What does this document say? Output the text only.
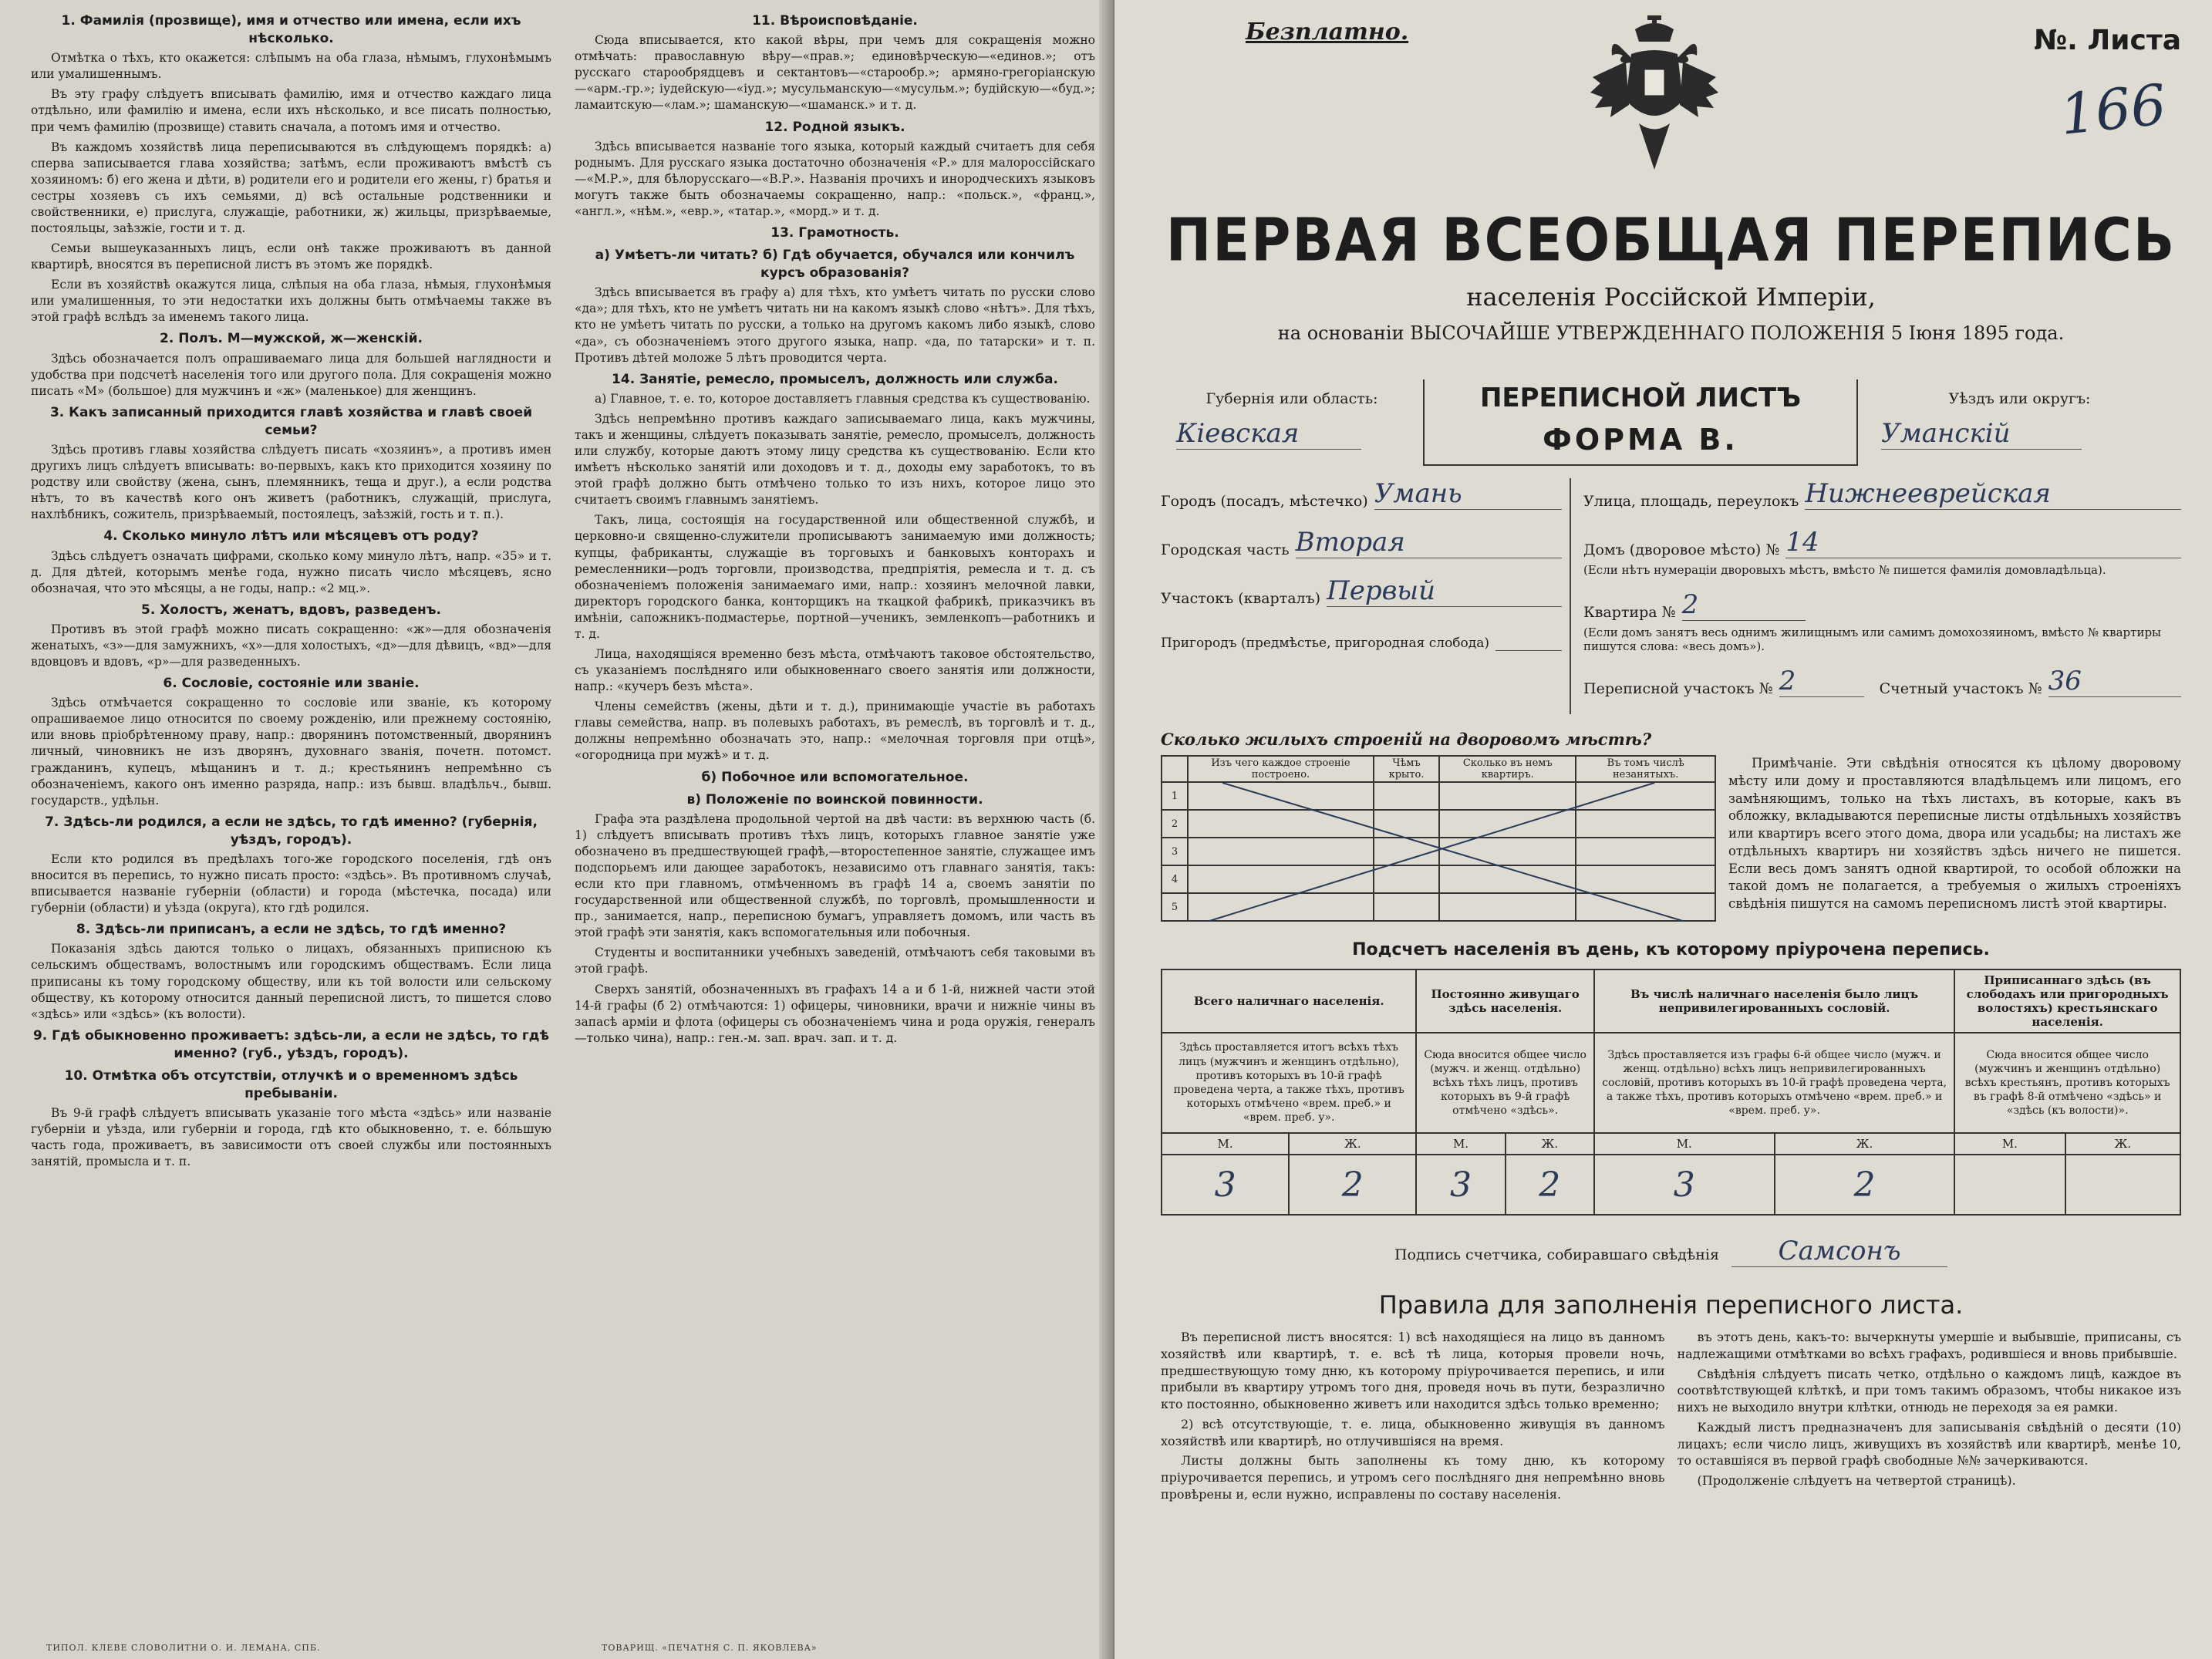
1. Фамилія (прозвище), имя и отчество или имена, если ихъ нѣсколько.

Отмѣтка о тѣхъ, кто окажется: слѣпымъ на оба глаза, нѣмымъ, глухонѣмымъ или умалишеннымъ.

Въ эту графу слѣдуетъ вписывать фамилію, имя и отчество каждаго лица отдѣльно, или фамилію и имена, если ихъ нѣсколько, и все писать полностью, при чемъ фамилію (прозвище) ставить сначала, а потомъ имя и отчество.

Въ каждомъ хозяйствѣ лица переписываются въ слѣдующемъ порядкѣ: а) сперва записывается глава хозяйства; затѣмъ, если проживаютъ вмѣстѣ съ хозяиномъ: б) его жена и дѣти, в) родители его и родители его жены, г) братья и сестры хозяевъ съ ихъ семьями, д) всѣ остальные родственники и свойственники, е) прислуга, служащіе, работники, ж) жильцы, призрѣваемые, постояльцы, заѣзжіе, гости и т. д.

Семьи вышеуказанныхъ лицъ, если онѣ также проживаютъ въ данной квартирѣ, вносятся въ переписной листъ въ этомъ же порядкѣ.

Если въ хозяйствѣ окажутся лица, слѣпыя на оба глаза, нѣмыя, глухонѣмыя или умалишенныя, то эти недостатки ихъ должны быть отмѣчаемы также въ этой графѣ вслѣдъ за именемъ такого лица.

2. Полъ. М—мужской, ж—женскій.

Здѣсь обозначается полъ опрашиваемаго лица для большей наглядности и удобства при подсчетѣ населенія того или другого пола. Для сокращенія можно писать «М» (большое) для мужчинъ и «ж» (маленькое) для женщинъ.

3. Какъ записанный приходится главѣ хозяйства и главѣ своей семьи?

Здѣсь противъ главы хозяйства слѣдуетъ писать «хозяинъ», а противъ имен другихъ лицъ слѣдуетъ вписывать: во-первыхъ, какъ кто приходится хозяину по родству или свойству (жена, сынъ, племянникъ, теща и друг.), а если родства нѣтъ, то въ качествѣ кого онъ живетъ (работникъ, служащій, прислуга, нахлѣбникъ, сожитель, призрѣваемый, постоялецъ, заѣзжій, гость и т. п.).

4. Сколько минуло лѣтъ или мѣсяцевъ отъ роду?

Здѣсь слѣдуетъ означать цифрами, сколько кому минуло лѣтъ, напр. «35» и т. д. Для дѣтей, которымъ менѣе года, нужно писать число мѣсяцевъ, ясно обозначая, что это мѣсяцы, а не годы, напр.: «2 мц.».

5. Холостъ, женатъ, вдовъ, разведенъ.

Противъ въ этой графѣ можно писать сокращенно: «ж»—для обозначенія женатыхъ, «з»—для замужнихъ, «х»—для холостыхъ, «д»—для дѣвицъ, «вд»—для вдовцовъ и вдовъ, «р»—для разведенныхъ.

6. Сословіе, состояніе или званіе.

Здѣсь отмѣчается сокращенно то сословіе или званіе, къ которому опрашиваемое лицо относится по своему рожденію, или прежнему состоянію, или вновь пріобрѣтенному праву, напр.: дворянинъ потомственный, дворянинъ личный, чиновникъ не изъ дворянъ, духовнаго званія, почетн. потомст. гражданинъ, купецъ, мѣщанинъ и т. д.; крестьянинъ непремѣнно съ обозначеніемъ, какого онъ именно разряда, напр.: изъ бывш. владѣльч., бывш. государств., удѣльн.

7. Здѣсь-ли родился, а если не здѣсь, то гдѣ именно? (губернія, уѣздъ, городъ).

Если кто родился въ предѣлахъ того-же городского поселенія, гдѣ онъ вносится въ перепись, то нужно писать просто: «здѣсь». Въ противномъ случаѣ, вписывается названіе губерніи (области) и города (мѣстечка, посада) или губерніи (области) и уѣзда (округа), кто гдѣ родился.

8. Здѣсь-ли приписанъ, а если не здѣсь, то гдѣ именно?

Показанія здѣсь даются только о лицахъ, обязанныхъ приписною къ сельскимъ обществамъ, волостнымъ или городскимъ обществамъ. Если лица приписаны къ тому городскому обществу, или къ той волости или сельскому обществу, къ которому относится данный переписной листъ, то пишется слово «здѣсь» или «здѣсь» (къ волости).

9. Гдѣ обыкновенно проживаетъ: здѣсь-ли, а если не здѣсь, то гдѣ именно? (губ., уѣздъ, городъ).
10. Отмѣтка объ отсутствіи, отлучкѣ и о временномъ здѣсь пребываніи.

Въ 9-й графѣ слѣдуетъ вписывать указаніе того мѣста «здѣсь» или названіе губерніи и уѣзда, или губерніи и города, гдѣ кто обыкновенно, т. е. бóльшую часть года, проживаетъ, въ зависимости отъ своей службы или постоянныхъ занятій, промысла и т. п.

11. Вѣроисповѣданіе.

Сюда вписывается, кто какой вѣры, при чемъ для сокращенія можно отмѣчать: православную вѣру—«прав.»; единовѣрческую—«единов.»; отъ русскаго старообрядцевъ и сектантовъ—«старообр.»; армяно-грегоріанскую—«арм.-гр.»; іудейскую—«іуд.»; мусульманскую—«мусульм.»; будійскую—«буд.»; ламаитскую—«лам.»; шаманскую—«шаманск.» и т. д.

12. Родной языкъ.

Здѣсь вписывается названіе того языка, который каждый считаетъ для себя роднымъ. Для русскаго языка достаточно обозначенія «Р.» для малороссійскаго—«М.Р.», для бѣлорусскаго—«В.Р.». Названія прочихъ и инородческихъ языковъ могутъ также быть обозначаемы сокращенно, напр.: «польск.», «франц.», «англ.», «нѣм.», «евр.», «татар.», «морд.» и т. д.

13. Грамотность.
а) Умѣетъ-ли читать? б) Гдѣ обучается, обучался или кончилъ курсъ образованія?

Здѣсь вписывается въ графу а) для тѣхъ, кто умѣетъ читать по русски слово «да»; для тѣхъ, кто не умѣетъ читать ни на какомъ языкѣ слово «нѣтъ». Для тѣхъ, кто не умѣетъ читать по русски, а только на другомъ какомъ либо языкѣ, слово «да», съ обозначеніемъ этого другого языка, напр. «да, по татарски» и т. п. Противъ дѣтей моложе 5 лѣтъ проводится черта.

14. Занятіе, ремесло, промыселъ, должность или служба.

а) Главное, т. е. то, которое доставляетъ главныя средства къ существованію.

Здѣсь непремѣнно противъ каждаго записываемаго лица, какъ мужчины, такъ и женщины, слѣдуетъ показывать занятіе, ремесло, промыселъ, должность или службу, которые даютъ этому лицу средства къ существованію. Если кто имѣетъ нѣсколько занятій или доходовъ и т. д., доходы ему заработокъ, то въ этой графѣ должно быть отмѣчено только то изъ нихъ, которое лицо это считаетъ своимъ главнымъ занятіемъ.

Такъ, лица, состоящія на государственной или общественной службѣ, и церковно-и священно-служители прописываютъ занимаемую ими должность; купцы, фабриканты, служащіе въ торговыхъ и банковыхъ конторахъ и ремесленники—родъ торговли, производства, предпріятія, ремесла и т. д. съ обозначеніемъ положенія занимаемаго ими, напр.: хозяинъ мелочной лавки, директоръ городского банка, конторщикъ на ткацкой фабрикѣ, приказчикъ въ имѣніи, сапожникъ-подмастерье, портной—ученикъ, земленкопъ—работникъ и т. д.

Лица, находящіяся временно безъ мѣста, отмѣчаютъ таковое обстоятельство, съ указаніемъ послѣдняго или обыкновеннаго своего занятія или должности, напр.: «кучеръ безъ мѣста».

Члены семействъ (жены, дѣти и т. д.), принимающіе участіе въ работахъ главы семейства, напр. въ полевыхъ работахъ, въ ремеслѣ, въ торговлѣ и т. д., должны непремѣнно обозначать это, напр.: «мелочная торговля при отцѣ», «огородница при мужѣ» и т. д.

б) Побочное или вспомогательное.
в) Положеніе по воинской повинности.

Графа эта раздѣлена продольной чертой на двѣ части: въ верхнюю часть (б. 1) слѣдуетъ вписывать противъ тѣхъ лицъ, которыхъ главное занятіе уже обозначено въ предшествующей графѣ,—второстепенное занятіе, служащее имъ подспорьемъ или дающее заработокъ, независимо отъ главнаго занятія, такъ: если кто при главномъ, отмѣченномъ въ графѣ 14 а, своемъ занятіи по государственной или общественной службѣ, по торговлѣ, промышленности и пр., занимается, напр., переписною бумагъ, управляетъ домомъ, или часть въ этой графѣ эти занятія, какъ вспомогательныя или побочныя.

Студенты и воспитанники учебныхъ заведеній, отмѣчаютъ себя таковыми въ этой графѣ.

Сверхъ занятій, обозначенныхъ въ графахъ 14 а и б 1-й, нижней части этой 14-й графы (б 2) отмѣчаются: 1) офицеры, чиновники, врачи и нижніе чины въ запасѣ арміи и флота (офицеры съ обозначеніемъ чина и рода оружія, генералъ—только чина), напр.: ген.-м. зап. врач. зап. и т. д.

ТИПОЛ. КЛЕВЕ СЛОВОЛИТНИ О. И. ЛЕМАНА, СПБ.	ТОВАРИЩ. «ПЕЧАТНЯ С. П. ЯКОВЛЕВА»
Безплатно.	№. Листа
166
ПЕРВАЯ ВСЕОБЩАЯ ПЕРЕПИСЬ
населенія Россійской Имперіи,
на основаніи ВЫСОЧАЙШЕ УТВЕРЖДЕННАГО ПОЛОЖЕНІЯ 5 Іюня 1895 года.
Губернія или область:
Кіевская
ПЕРЕПИСНОЙ ЛИСТЪ
ФОРМА В.
Уѣздъ или округъ:
Уманскій
Городъ (посадъ, мѣстечко) Умань
Городская часть Вторая
Участокъ (кварталъ) Первый
Пригородъ (предмѣстье, пригородная слобода)
Улица, площадь, переулокъ Нижнееврейская
Домъ (дворовое мѣсто) № 14
(Если нѣтъ нумераціи дворовыхъ мѣстъ, вмѣсто № пишется фамилія домовладѣльца).
Квартира № 2
(Если домъ занятъ весь однимъ жилищнымъ или самимъ домохозяиномъ, вмѣсто № квартиры пишутся слова: «весь домъ»).
Переписной участокъ № 2	Счетный участокъ № 36
Сколько жилыхъ строеній на дворовомъ мѣстѣ?
	Изъ чего каждое строеніе построено.	Чѣмъ крыто.	Сколько въ немъ квартиръ.	Въ томъ числѣ незанятыхъ.
1				
2				
3				
4				
5				
Примѣчаніе. Эти свѣдѣнія относятся къ цѣлому дворовому мѣсту или дому и проставляются владѣльцемъ или лицомъ, его замѣняющимъ, только на тѣхъ листахъ, въ которые, какъ въ обложку, вкладываются переписные листы отдѣльныхъ хозяйствъ или квартиръ всего этого дома, двора или усадьбы; на листахъ же отдѣльныхъ квартиръ ни хозяйствъ здѣсь ничего не пишется. Если весь домъ занятъ одной квартирой, то особой обложки на такой домъ не полагается, а требуемыя о жилыхъ строеніяхъ свѣдѣнія пишутся на самомъ переписномъ листѣ этой квартиры.
Подсчетъ населенія въ день, къ которому пріурочена перепись.
Всего наличнаго населенія.		Постоянно живущаго здѣсь населенія.		Въ числѣ наличнаго населенія было лицъ непривилегированныхъ сословій.		Приписаннаго здѣсь (въ слободахъ или пригородныхъ волостяхъ) крестьянскаго населенія.	
Здѣсь проставляется итогъ всѣхъ тѣхъ лицъ (мужчинъ и женщинъ отдѣльно), противъ которыхъ въ 10-й графѣ проведена черта, а также тѣхъ, противъ которыхъ отмѣчено «врем. преб.» и «врем. преб. у».		Сюда вносится общее число (мужч. и женщ. отдѣльно) всѣхъ тѣхъ лицъ, противъ которыхъ въ 9-й графѣ отмѣчено «здѣсь».		Здѣсь проставляется изъ графы 6-й общее число (мужч. и женщ. отдѣльно) всѣхъ лицъ непривилегированныхъ сословій, противъ которыхъ въ 10-й графѣ проведена черта, а также тѣхъ, противъ которыхъ отмѣчено «врем. преб.» и «врем. преб. у».		Сюда вносится общее число (мужчинъ и женщинъ отдѣльно) всѣхъ крестьянъ, противъ которыхъ въ графѣ 8-й отмѣчено «здѣсь» и «здѣсь (къ волости)».	
М.	Ж.	М.	Ж.	М.	Ж.	М.	Ж.
3	2	3	2	3	2		
Подпись счетчика, собиравшаго свѣдѣнія Самсонъ
Правила для заполненія переписного листа.

Въ переписной листъ вносятся: 1) всѣ находящіеся на лицо въ данномъ хозяйствѣ или квартирѣ, т. е. всѣ тѣ лица, которыя провели ночь, предшествующую тому дню, къ которому пріурочивается перепись, и или прибыли въ квартиру утромъ того дня, проведя ночь въ пути, безразлично кто постоянно, обыкновенно живетъ или находится здѣсь только временно;

2) всѣ отсутствующіе, т. е. лица, обыкновенно живущія въ данномъ хозяйствѣ или квартирѣ, но отлучившіяся на время.

Листы должны быть заполнены къ тому дню, къ которому пріурочивается перепись, и утромъ сего послѣдняго дня непремѣнно вновь провѣрены и, если нужно, исправлены по составу населенія.

въ этотъ день, какъ-то: вычеркнуты умершіе и выбывшіе, приписаны, съ надлежащими отмѣтками во всѣхъ графахъ, родившіеся и вновь прибывшіе.

Свѣдѣнія слѣдуетъ писать четко, отдѣльно о каждомъ лицѣ, каждое въ соотвѣтствующей клѣткѣ, и при томъ такимъ образомъ, чтобы никакое изъ нихъ не выходило внутри клѣтки, отнюдь не переходя за ея рамки.

Каждый листъ предназначенъ для записыванія свѣдѣній о десяти (10) лицахъ; если число лицъ, живущихъ въ хозяйствѣ или квартирѣ, менѣе 10, то оставшіяся въ первой графѣ свободные №№ зачеркиваются.

(Продолженіе слѣдуетъ на четвертой страницѣ).
